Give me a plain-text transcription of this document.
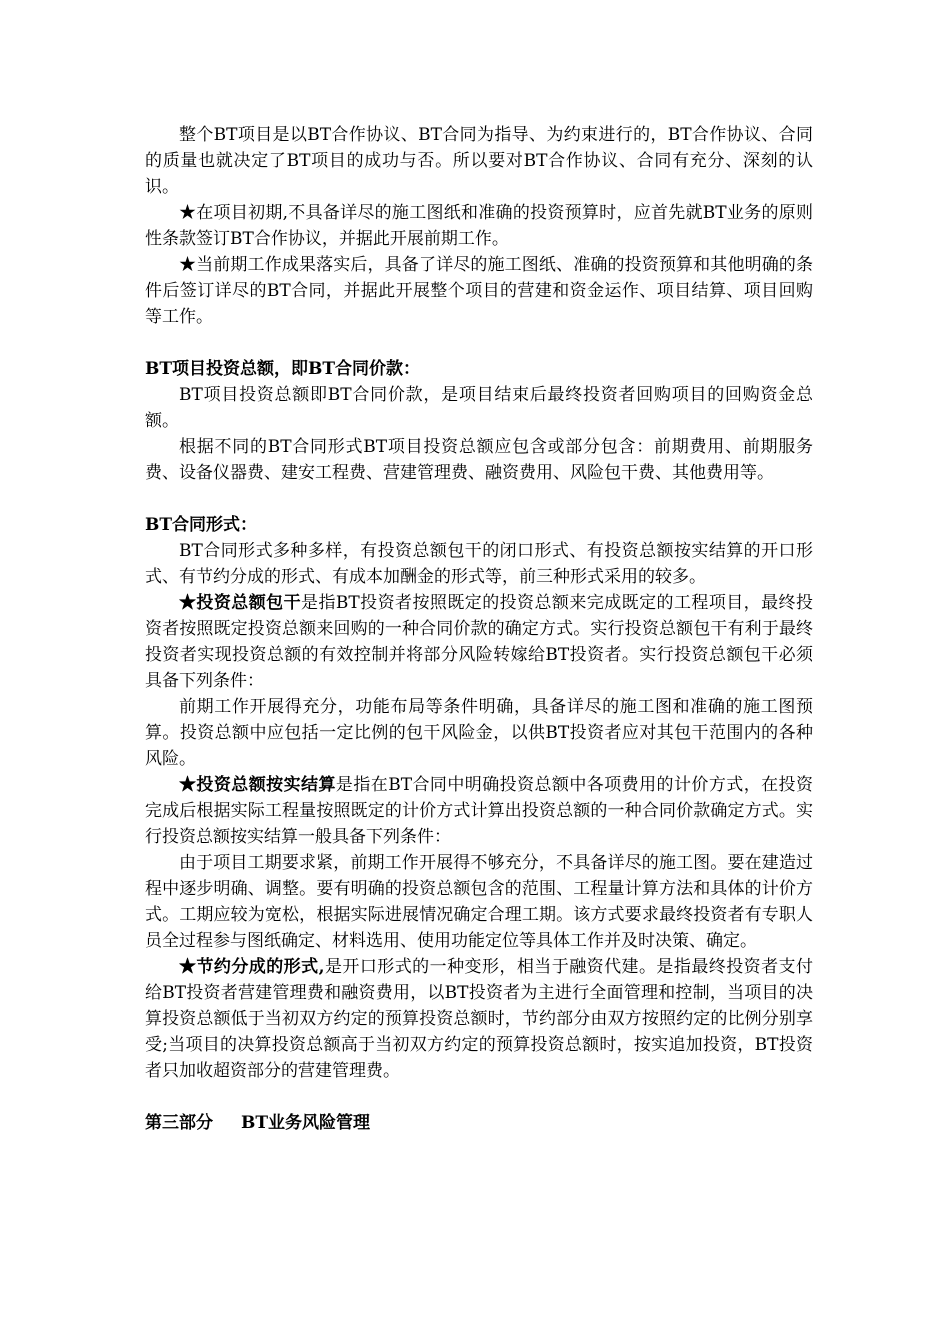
整个BT项目是以BT合作协议、BT合同为指导、为约束进行的，BT合作协议、合同的质量也就决定了BT项目的成功与否。所以要对BT合作协议、合同有充分、深刻的认识。

★在项目初期,不具备详尽的施工图纸和准确的投资预算时，应首先就BT业务的原则性条款签订BT合作协议，并据此开展前期工作。

★当前期工作成果落实后，具备了详尽的施工图纸、准确的投资预算和其他明确的条件后签订详尽的BT合同，并据此开展整个项目的营建和资金运作、项目结算、项目回购等工作。

BT项目投资总额，即BT合同价款：

BT项目投资总额即BT合同价款，是项目结束后最终投资者回购项目的回购资金总额。

根据不同的BT合同形式BT项目投资总额应包含或部分包含：前期费用、前期服务费、设备仪器费、建安工程费、营建管理费、融资费用、风险包干费、其他费用等。

BT合同形式：

BT合同形式多种多样，有投资总额包干的闭口形式、有投资总额按实结算的开口形式、有节约分成的形式、有成本加酬金的形式等，前三种形式采用的较多。

★投资总额包干是指BT投资者按照既定的投资总额来完成既定的工程项目，最终投资者按照既定投资总额来回购的一种合同价款的确定方式。实行投资总额包干有利于最终投资者实现投资总额的有效控制并将部分风险转嫁给BT投资者。实行投资总额包干必须具备下列条件：

前期工作开展得充分，功能布局等条件明确，具备详尽的施工图和准确的施工图预算。投资总额中应包括一定比例的包干风险金，以供BT投资者应对其包干范围内的各种风险。

★投资总额按实结算是指在BT合同中明确投资总额中各项费用的计价方式，在投资完成后根据实际工程量按照既定的计价方式计算出投资总额的一种合同价款确定方式。实行投资总额按实结算一般具备下列条件：

由于项目工期要求紧，前期工作开展得不够充分，不具备详尽的施工图。要在建造过程中逐步明确、调整。要有明确的投资总额包含的范围、工程量计算方法和具体的计价方式。工期应较为宽松，根据实际进展情况确定合理工期。该方式要求最终投资者有专职人员全过程参与图纸确定、材料选用、使用功能定位等具体工作并及时决策、确定。

★节约分成的形式,是开口形式的一种变形，相当于融资代建。是指最终投资者支付给BT投资者营建管理费和融资费用，以BT投资者为主进行全面管理和控制，当项目的决算投资总额低于当初双方约定的预算投资总额时，节约部分由双方按照约定的比例分别享受;当项目的决算投资总额高于当初双方约定的预算投资总额时，按实追加投资，BT投资者只加收超资部分的营建管理费。

第三部分 BT业务风险管理
